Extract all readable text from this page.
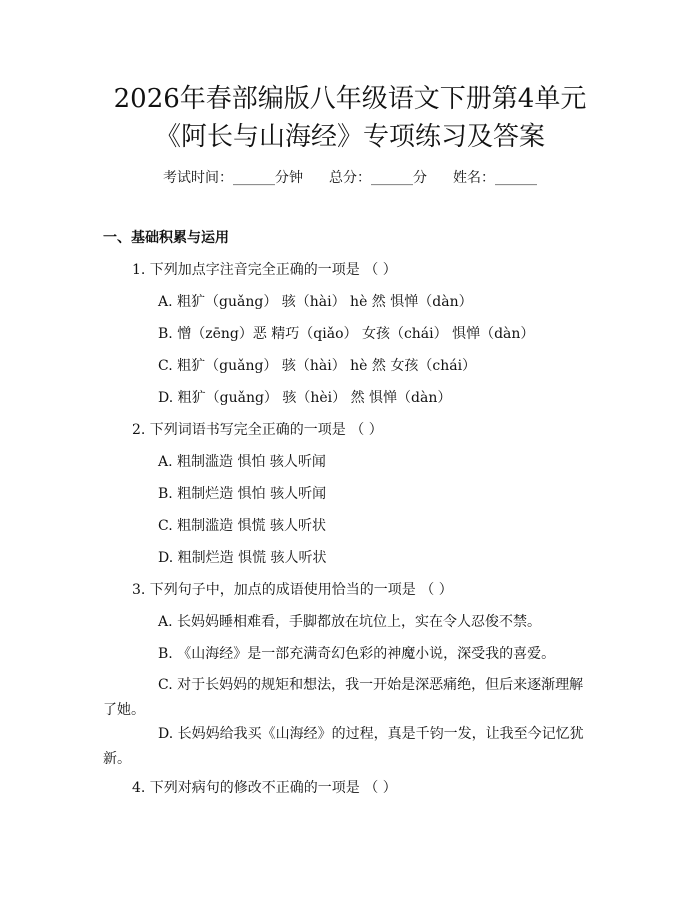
2026年春部编版八年级语文下册第4单元
《阿长与山海经》专项练习及答案
考试时间：______分钟 总分：______分 姓名：______
一、基础积累与运用
1. 下列加点字注音完全正确的一项是 （ ）
A. 粗犷（guǎng） 骇（hài） hè 然 惧惮（dàn）
B. 憎（zēng）恶 精巧（qiǎo） 女孩（chái） 惧惮（dàn）
C. 粗犷（guǎng） 骇（hài） hè 然 女孩（chái）
D. 粗犷（guǎng） 骇（hèi） 然 惧惮（dàn）
2. 下列词语书写完全正确的一项是 （ ）
A. 粗制滥造 惧怕 骇人听闻
B. 粗制烂造 惧怕 骇人听闻
C. 粗制滥造 惧慌 骇人听状
D. 粗制烂造 惧慌 骇人听状
3. 下列句子中，加点的成语使用恰当的一项是 （ ）
A. 长妈妈睡相难看，手脚都放在坑位上，实在令人忍俊不禁。
B. 《山海经》是一部充满奇幻色彩的神魔小说，深受我的喜爱。
C. 对于长妈妈的规矩和想法，我一开始是深恶痛绝，但后来逐渐理解了她。
D. 长妈妈给我买《山海经》的过程，真是千钧一发，让我至今记忆犹新。
4. 下列对病句的修改不正确的一项是 （ ）
